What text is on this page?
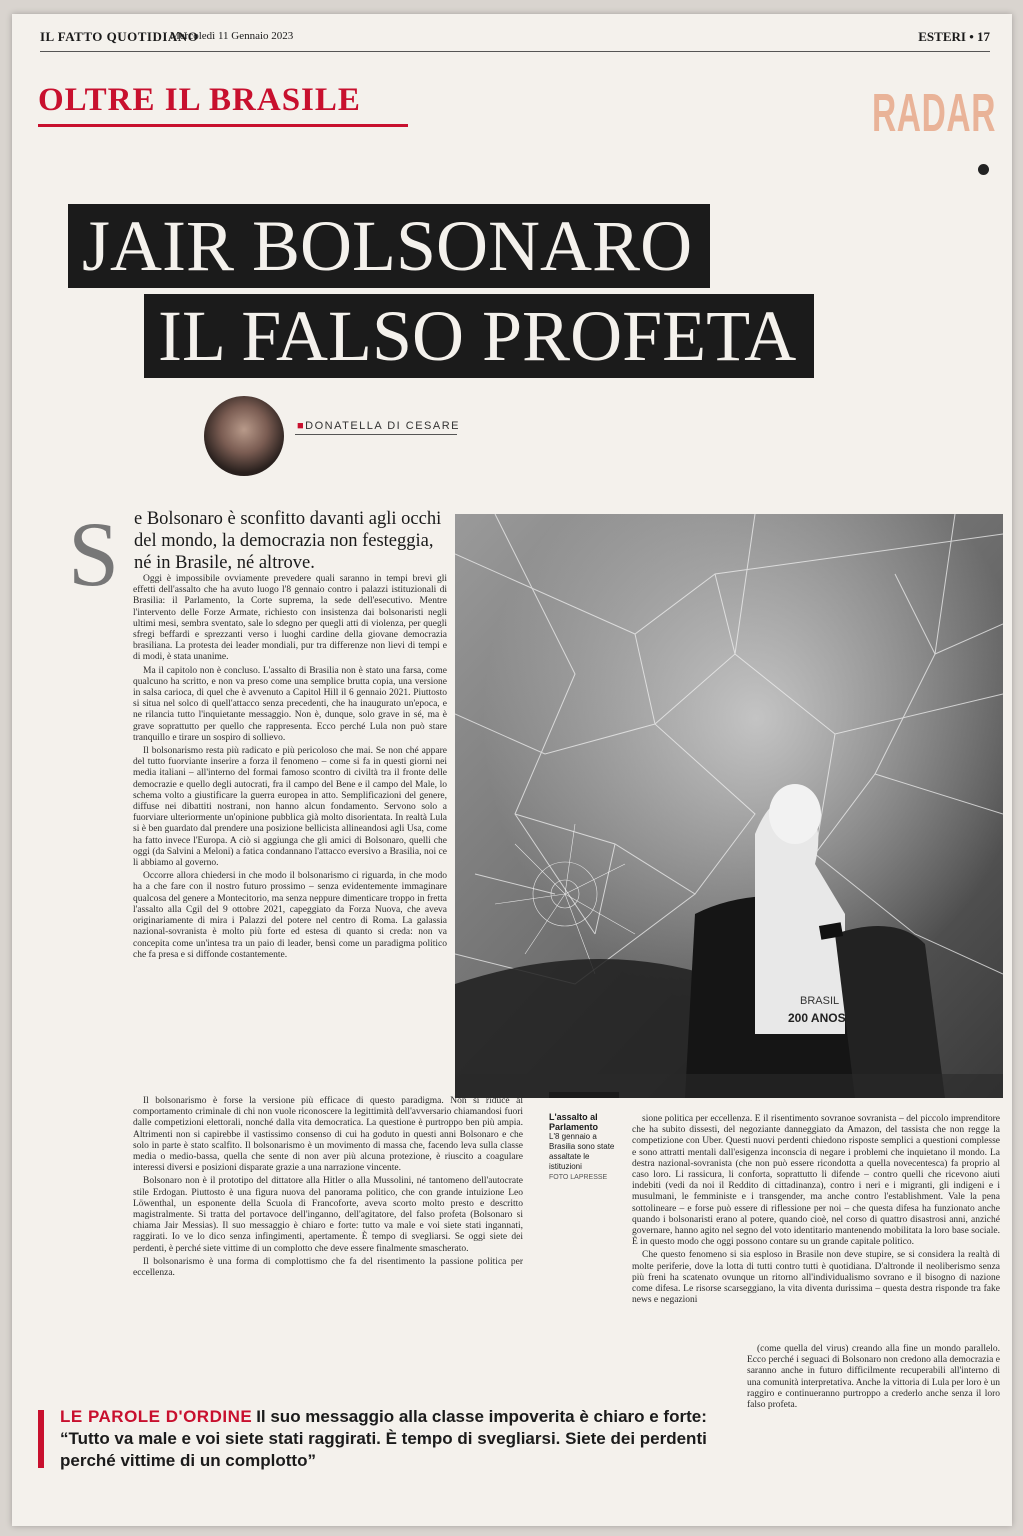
IL FATTO QUOTIDIANO
Mercoledì 11 Gennaio 2023	ESTERI • 17
OLTRE IL BRASILE	RADAR
JAIR BOLSONARO
IL FALSO PROFETA
■DONATELLA DI CESARE
S e Bolsonaro è sconfitto davanti agli occhi del mondo, la democrazia non festeggia, né in Brasile, né altrove.

Oggi è impossibile ovviamente prevedere quali saranno in tempi brevi gli effetti dell'assalto che ha avuto luogo l'8 gennaio contro i palazzi istituzionali di Brasilia: il Parlamento, la Corte suprema, la sede dell'esecutivo. Mentre l'intervento delle Forze Armate, richiesto con insistenza dai bolsonaristi negli ultimi mesi, sembra sventato, sale lo sdegno per quegli atti di violenza, per quegli sfregi beffardi e sprezzanti verso i luoghi cardine della giovane democrazia brasiliana. La protesta dei leader mondiali, pur tra differenze non lievi di tempi e di modi, è stata unanime.

Ma il capitolo non è concluso. L'assalto di Brasilia non è stato una farsa, come qualcuno ha scritto, e non va preso come una semplice brutta copia, una versione in salsa carioca, di quel che è avvenuto a Capitol Hill il 6 gennaio 2021. Piuttosto si situa nel solco di quell'attacco senza precedenti, che ha inaugurato un'epoca, e ne rilancia tutto l'inquietante messaggio. Non è, dunque, solo grave in sé, ma è grave soprattutto per quello che rappresenta. Ecco perché Lula non può stare tranquillo e tirare un sospiro di sollievo.

Il bolsonarismo resta più radicato e più pericoloso che mai. Se non ché appare del tutto fuorviante inserire a forza il fenomeno – come si fa in questi giorni nei media italiani – all'interno del formai famoso scontro di civiltà tra il fronte delle democrazie e quello degli autocrati, fra il campo del Bene e il campo del Male, lo schema volto a giustificare la guerra europea in atto. Semplificazioni del genere, diffuse nei dibattiti nostrani, non hanno alcun fondamento. Servono solo a fuorviare ulteriormente un'opinione pubblica già molto disorientata. In realtà Lula si è ben guardato dal prendere una posizione bellicista allineandosi agli Usa, come ha fatto invece l'Europa. A ciò si aggiunga che gli amici di Bolsonaro, quelli che oggi (da Salvini a Meloni) a fatica condannano l'attacco eversivo a Brasilia, noi ce li abbiamo al governo.

Occorre allora chiedersi in che modo il bolsonarismo ci riguarda, in che modo ha a che fare con il nostro futuro prossimo – senza evidentemente immaginare qualcosa del genere a Montecitorio, ma senza neppure dimenticare troppo in fretta l'assalto alla Cgil del 9 ottobre 2021, capeggiato da Forza Nuova, che aveva originariamente di mira i Palazzi del potere nel centro di Roma. La galassia nazional-sovranista è molto più forte ed estesa di quanto si creda: non va concepita come un'intesa tra un paio di leader, bensì come un paradigma politico che fa presa e si diffonde costantemente.

BRASIL
200 ANOS!
L'assalto al Parlamento
L'8 gennaio a Brasilia sono state assaltate le istituzioni
FOTO LAPRESSE

Il bolsonarismo è forse la versione più efficace di questo paradigma. Non si riduce al comportamento criminale di chi non vuole riconoscere la legittimità dell'avversario chiamandosi fuori dalle competizioni elettorali, nonché dalla vita democratica. La questione è purtroppo ben più ampia. Altrimenti non si capirebbe il vastissimo consenso di cui ha goduto in questi anni Bolsonaro e che solo in parte è stato scalfito. Il bolsonarismo è un movimento di massa che, facendo leva sulla classe media o medio-bassa, quella che sente di non aver più alcuna protezione, è riuscito a coagulare interessi diversi e posizioni disparate grazie a una narrazione vincente.

Bolsonaro non è il prototipo del dittatore alla Hitler o alla Mussolini, né tantomeno dell'autocrate stile Erdogan. Piuttosto è una figura nuova del panorama politico, che con grande intuizione Leo Löwenthal, un esponente della Scuola di Francoforte, aveva scorto molto presto e descritto magistralmente. Si tratta del portavoce dell'inganno, dell'agitatore, del falso profeta (Bolsonaro si chiama Jair Messias). Il suo messaggio è chiaro e forte: tutto va male e voi siete stati ingannati, raggirati. Io ve lo dico senza infingimenti, apertamente. È tempo di svegliarsi. Se oggi siete dei perdenti, è perché siete vittime di un complotto che deve essere finalmente smascherato.

Il bolsonarismo è una forma di complottismo che fa del risentimento la passione politica per eccellenza.

sione politica per eccellenza. È il risentimento sovranoe sovranista – del piccolo imprenditore che ha subito dissesti, del negoziante danneggiato da Amazon, del tassista che non regge la competizione con Uber. Questi nuovi perdenti chiedono risposte semplici a questioni complesse e sono attratti mentali dall'esigenza inconscia di negare i problemi che inquietano il mondo. La destra nazional-sovranista (che non può essere ricondotta a quella novecentesca) fa proprio al caso loro. Li rassicura, li conforta, soprattutto li difende – contro quelli che ricevono aiuti indebiti (vedi da noi il Reddito di cittadinanza), contro i neri e i migranti, gli indigeni e i musulmani, le femministe e i transgender, ma anche contro l'establishment. Vale la pena sottolineare – e forse può essere di riflessione per noi – che questa difesa ha funzionato anche quando i bolsonaristi erano al potere, quando cioè, nel corso di quattro disastrosi anni, anziché governare, hanno agito nel segno del voto identitario mantenendo mobilitata la loro base sociale. È in questo modo che oggi possono contare su un grande capitale politico.

Che questo fenomeno si sia esploso in Brasile non deve stupire, se si considera la realtà di molte periferie, dove la lotta di tutti contro tutti è quotidiana. D'altronde il neoliberismo senza più freni ha scatenato ovunque un ritorno all'individualismo sovrano e il bisogno di nazione come difesa. Le risorse scarseggiano, la vita diventa durissima – questa destra risponde tra fake news e negazioni

(come quella del virus) creando alla fine un mondo parallelo. Ecco perché i seguaci di Bolsonaro non credono alla democrazia e saranno anche in futuro difficilmente recuperabili all'interno di una comunità interpretativa. Anche la vittoria di Lula per loro è un raggiro e continueranno purtroppo a crederlo anche senza il loro falso profeta.

LE PAROLE D'ORDINE Il suo messaggio alla classe impoverita è chiaro e forte: “Tutto va male e voi siete stati raggirati. È tempo di svegliarsi. Siete dei perdenti perché vittime di un complotto”
